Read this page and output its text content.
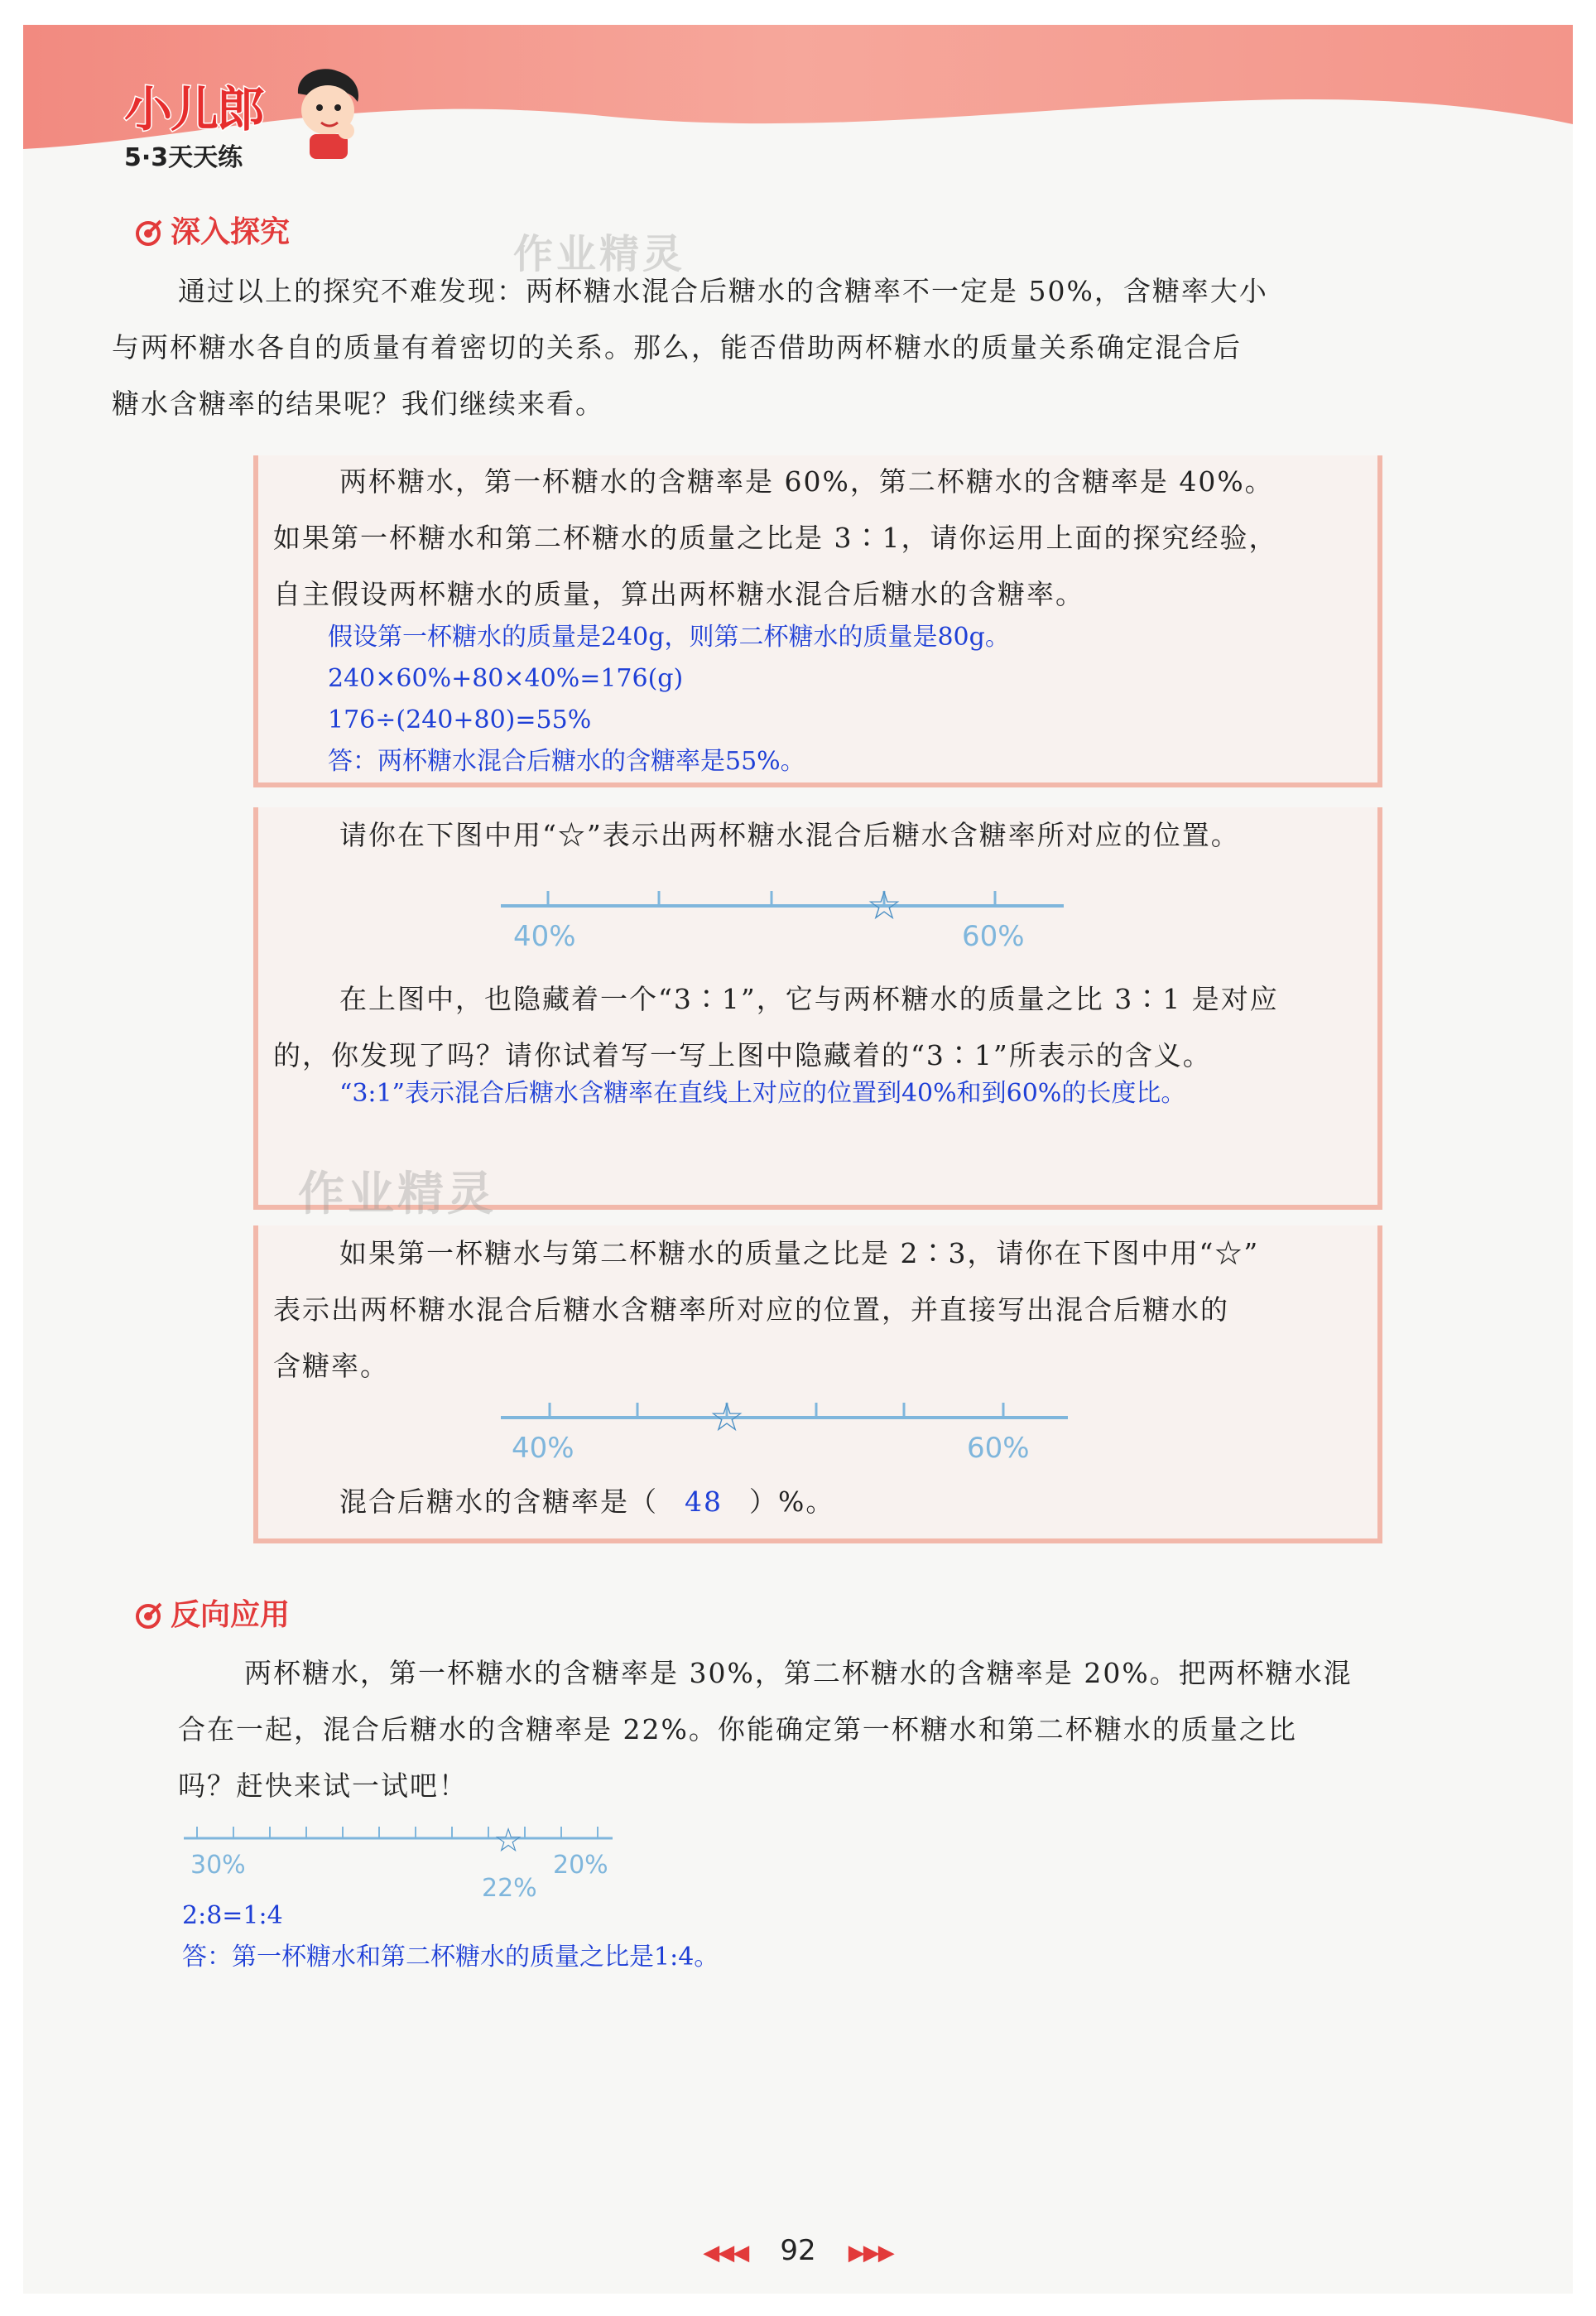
小儿郎
5·3天天练
深入探究	作业精灵
通过以上的探究不难发现：两杯糖水混合后糖水的含糖率不一定是 50%，含糖率大小
与两杯糖水各自的质量有着密切的关系。那么，能否借助两杯糖水的质量关系确定混合后
糖水含糖率的结果呢？我们继续来看。
两杯糖水，第一杯糖水的含糖率是 60%，第二杯糖水的含糖率是 40%。
如果第一杯糖水和第二杯糖水的质量之比是 3∶1，请你运用上面的探究经验，
自主假设两杯糖水的质量，算出两杯糖水混合后糖水的含糖率。
假设第一杯糖水的质量是240g，则第二杯糖水的质量是80g。
240×60%+80×40%=176(g)
176÷(240+80)=55%
答：两杯糖水混合后糖水的含糖率是55%。
请你在下图中用“☆”表示出两杯糖水混合后糖水含糖率所对应的位置。
☆
40%	60%
在上图中，也隐藏着一个“3∶1”，它与两杯糖水的质量之比 3∶1 是对应
的，你发现了吗？请你试着写一写上图中隐藏着的“3∶1”所表示的含义。
“3:1”表示混合后糖水含糖率在直线上对应的位置到40%和到60%的长度比。
作业精灵
如果第一杯糖水与第二杯糖水的质量之比是 2∶3，请你在下图中用“☆”
表示出两杯糖水混合后糖水含糖率所对应的位置，并直接写出混合后糖水的
含糖率。
☆
40%	60%
混合后糖水的含糖率是（ 48 ）%。
反向应用
两杯糖水，第一杯糖水的含糖率是 30%，第二杯糖水的含糖率是 20%。把两杯糖水混
合在一起，混合后糖水的含糖率是 22%。你能确定第一杯糖水和第二杯糖水的质量之比
吗？赶快来试一试吧！
☆
30%	20%
22%
2:8=1:4
答：第一杯糖水和第二杯糖水的质量之比是1:4。
◀◀◀ 92 ▶▶▶
